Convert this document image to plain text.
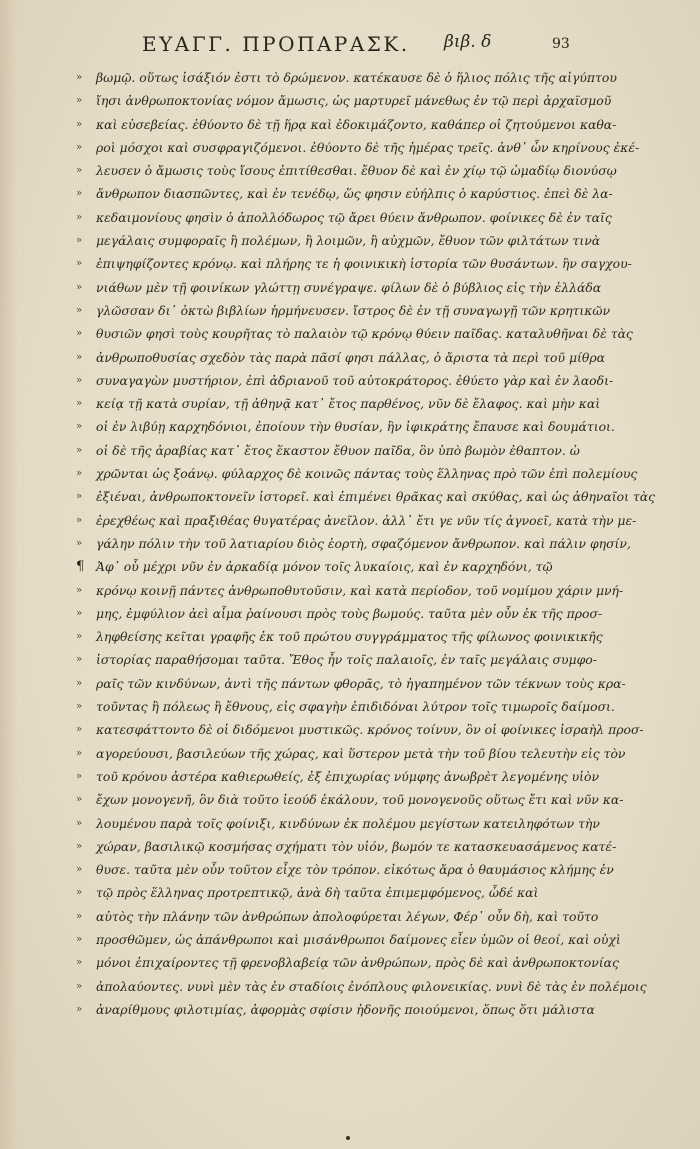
ΕΥΑΓΓ. ΠΡΟΠΑΡΑΣΚ. βιβ. δ	93
»	βωμῷ. οὕτως ἰσάξιόν ἐστι τὸ δρώμενον. κατέκαυσε δὲ ὁ ἥλιος πόλις τῆς αἰγύπτου
»	ἴησι ἀνθρωποκτονίας νόμον ἄμωσις, ὡς μαρτυρεῖ μάνεθως ἐν τῷ περὶ ἀρχαϊσμοῦ
»	καὶ εὐσεβείας. ἐθύοντο δὲ τῇ ἥρᾳ καὶ ἐδοκιμάζοντο, καθάπερ οἱ ζητούμενοι καθα-
»	ροὶ μόσχοι καὶ συσφραγιζόμενοι. ἐθύοντο δὲ τῆς ἡμέρας τρεῖς. ἀνθ᾽ ὧν κηρίνους ἐκέ-
»	λευσεν ὁ ἄμωσις τοὺς ἴσους ἐπιτίθεσθαι. ἔθυον δὲ καὶ ἐν χίῳ τῷ ὠμαδίῳ διονύσῳ
»	ἄνθρωπον διασπῶντες, καὶ ἐν τενέδῳ, ὥς φησιν εὐήλπις ὁ καρύστιος. ἐπεὶ δὲ λα-
»	κεδαιμονίους φησὶν ὁ ἀπολλόδωρος τῷ ἄρει θύειν ἄνθρωπον. φοίνικες δὲ ἐν ταῖς
»	μεγάλαις συμφοραῖς ἢ πολέμων, ἢ λοιμῶν, ἢ αὐχμῶν, ἔθυον τῶν φιλτάτων τινὰ
»	ἐπιψηφίζοντες κρόνῳ. καὶ πλήρης τε ἡ φοινικικὴ ἱστορία τῶν θυσάντων. ἣν σαγχου-
»	νιάθων μὲν τῇ φοινίκων γλώττῃ συνέγραψε. φίλων δὲ ὁ βύβλιος εἰς τὴν ἑλλάδα
»	γλῶσσαν δι᾽ ὀκτὼ βιβλίων ἡρμήνευσεν. ἴστρος δὲ ἐν τῇ συναγωγῇ τῶν κρητικῶν
»	θυσιῶν φησὶ τοὺς κουρῆτας τὸ παλαιὸν τῷ κρόνῳ θύειν παῖδας. καταλυθῆναι δὲ τὰς
»	ἀνθρωποθυσίας σχεδὸν τὰς παρὰ πᾶσί φησι πάλλας, ὁ ἄριστα τὰ περὶ τοῦ μίθρα
»	συναγαγὼν μυστήριον, ἐπὶ ἀδριανοῦ τοῦ αὐτοκράτορος. ἐθύετο γὰρ καὶ ἐν λαοδι-
»	κείᾳ τῇ κατὰ συρίαν, τῇ ἀθηνᾷ κατ᾽ ἔτος παρθένος, νῦν δὲ ἔλαφος. καὶ μὴν καὶ
»	οἱ ἐν λιβύῃ καρχηδόνιοι, ἐποίουν τὴν θυσίαν, ἣν ἰφικράτης ἔπαυσε καὶ δουμάτιοι.
»	οἱ δὲ τῆς ἀραβίας κατ᾽ ἔτος ἕκαστον ἔθυον παῖδα, ὃν ὑπὸ βωμὸν ἐθαπτον. ὡ
»	χρῶνται ὡς ξοάνῳ. φύλαρχος δὲ κοινῶς πάντας τοὺς ἕλληνας πρὸ τῶν ἐπὶ πολεμίους
»	ἐξιέναι, ἀνθρωποκτονεῖν ἱστορεῖ. καὶ ἐπιμένει θρᾶκας καὶ σκύθας, καὶ ὡς ἀθηναῖοι τὰς
»	ἐρεχθέως καὶ πραξιθέας θυγατέρας ἀνεῖλον. ἀλλ᾽ ἔτι γε νῦν τίς ἀγνοεῖ, κατὰ τὴν με-
»	γάλην πόλιν τὴν τοῦ λατιαρίου διὸς ἑορτὴ, σφαζόμενον ἄνθρωπον. καὶ πάλιν φησίν,
¶ Ἀφ᾽ οὗ μέχρι νῦν ἐν ἀρκαδίᾳ μόνον τοῖς λυκαίοις, καὶ ἐν καρχηδόνι, τῷ
»	κρόνῳ κοινῇ πάντες ἀνθρωποθυτοῦσιν, καὶ κατὰ περίοδον, τοῦ νομίμου χάριν μνή-
»	μης, ἐμφύλιον ἀεὶ αἷμα ῥαίνουσι πρὸς τοὺς βωμούς. ταῦτα μὲν οὖν ἐκ τῆς προσ-
»	ληφθείσης κεῖται γραφῆς ἐκ τοῦ πρώτου συγγράμματος τῆς φίλωνος φοινικικῆς
»	ἱστορίας παραθήσομαι ταῦτα. Ἔθος ἦν τοῖς παλαιοῖς, ἐν ταῖς μεγάλαις συμφο-
»	ραῖς τῶν κινδύνων, ἀντὶ τῆς πάντων φθορᾶς, τὸ ἠγαπημένον τῶν τέκνων τοὺς κρα-
»	τοῦντας ἢ πόλεως ἢ ἔθνους, εἰς σφαγὴν ἐπιδιδόναι λύτρον τοῖς τιμωροῖς δαίμοσι.
»	κατεσφάττοντο δὲ οἱ διδόμενοι μυστικῶς. κρόνος τοίνυν, ὃν οἱ φοίνικες ἰσραὴλ προσ-
»	αγορεύουσι, βασιλεύων τῆς χώρας, καὶ ὕστερον μετὰ τὴν τοῦ βίου τελευτὴν εἰς τὸν
»	τοῦ κρόνου ἀστέρα καθιερωθείς, ἐξ ἐπιχωρίας νύμφης ἀνωβρὲτ λεγομένης υἱὸν
»	ἔχων μονογενῆ, ὃν διὰ τοῦτο ἰεούδ ἐκάλουν, τοῦ μονογενοῦς οὕτως ἔτι καὶ νῦν κα-
»	λουμένου παρὰ τοῖς φοίνιξι, κινδύνων ἐκ πολέμου μεγίστων κατειληφότων τὴν
»	χώραν, βασιλικῷ κοσμήσας σχήματι τὸν υἱόν, βωμόν τε κατασκευασάμενος κατέ-
»	θυσε. ταῦτα μὲν οὖν τοῦτον εἶχε τὸν τρόπον. εἰκότως ἄρα ὁ θαυμάσιος κλήμης ἐν
»	τῷ πρὸς ἕλληνας προτρεπτικῷ, ἀνὰ δὴ ταῦτα ἐπιμεμφόμενος, ὧδέ καὶ
»	αὐτὸς τὴν πλάνην τῶν ἀνθρώπων ἀπολοφύρεται λέγων, Φέρ᾽ οὖν δὴ, καὶ τοῦτο
»	προσθῶμεν, ὡς ἀπάνθρωποι καὶ μισάνθρωποι δαίμονες εἶεν ὑμῶν οἱ θεοί, καὶ οὐχὶ
»	μόνοι ἐπιχαίροντες τῇ φρενοβλαβείᾳ τῶν ἀνθρώπων, πρὸς δὲ καὶ ἀνθρωποκτονίας
»	ἀπολαύοντες. νυνὶ μὲν τὰς ἐν σταδίοις ἐνόπλους φιλονεικίας. νυνὶ δὲ τὰς ἐν πολέμοις
»	ἀναρίθμους φιλοτιμίας, ἀφορμὰς σφίσιν ἡδονῆς ποιούμενοι, ὅπως ὅτι μάλιστα
